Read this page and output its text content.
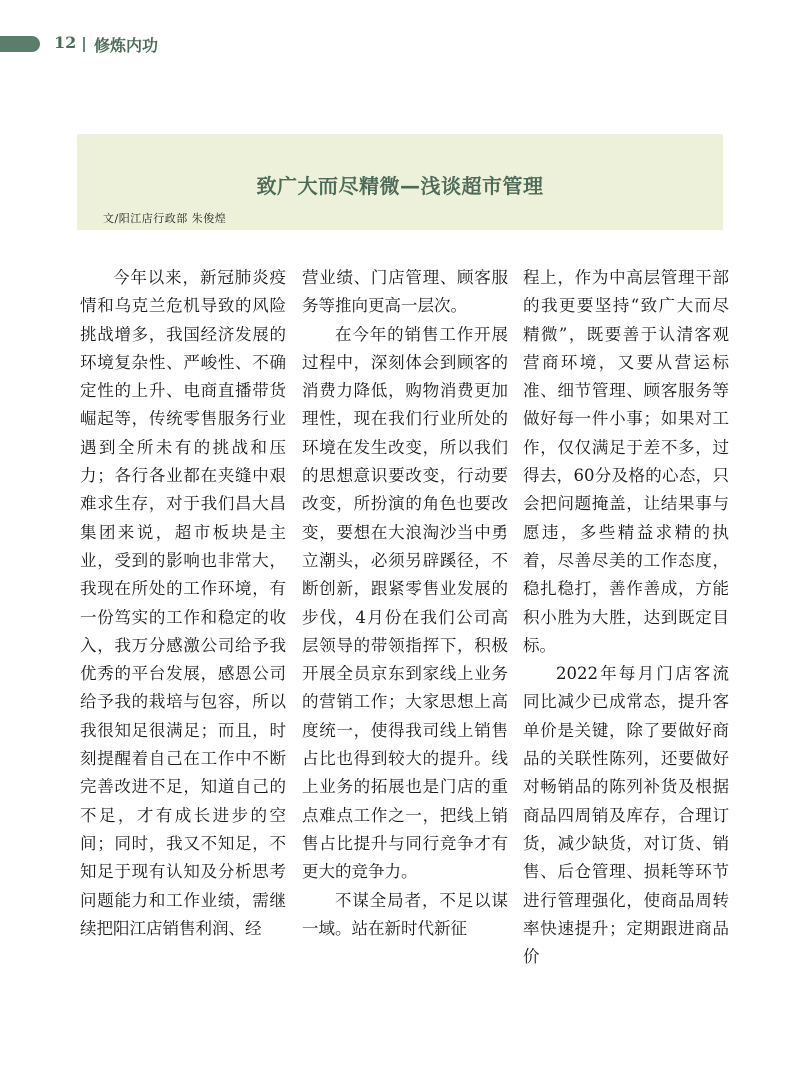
12 修炼内功
致广大而尽精微—浅谈超市管理
文/阳江店行政部 朱俊煌

今年以来，新冠肺炎疫情和乌克兰危机导致的风险挑战增多，我国经济发展的环境复杂性、严峻性、不确定性的上升、电商直播带货崛起等，传统零售服务行业遇到全所未有的挑战和压力；各行各业都在夹缝中艰难求生存，对于我们昌大昌集团来说，超市板块是主业，受到的影响也非常大，我现在所处的工作环境，有一份笃实的工作和稳定的收入，我万分感激公司给予我优秀的平台发展，感恩公司给予我的栽培与包容，所以我很知足很满足；而且，时刻提醒着自己在工作中不断完善改进不足，知道自己的不足，才有成长进步的空间；同时，我又不知足，不知足于现有认知及分析思考问题能力和工作业绩，需继续把阳江店销售利润、经

营业绩、门店管理、顾客服务等推向更高一层次。

在今年的销售工作开展过程中，深刻体会到顾客的消费力降低，购物消费更加理性，现在我们行业所处的环境在发生改变，所以我们的思想意识要改变，行动要改变，所扮演的角色也要改变，要想在大浪淘沙当中勇立潮头，必须另辟蹊径，不断创新，跟紧零售业发展的步伐，4月份在我们公司高层领导的带领指挥下，积极开展全员京东到家线上业务的营销工作；大家思想上高度统一，使得我司线上销售占比也得到较大的提升。线上业务的拓展也是门店的重点难点工作之一，把线上销售占比提升与同行竞争才有更大的竞争力。

不谋全局者，不足以谋一域。站在新时代新征

程上，作为中高层管理干部的我更要坚持“致广大而尽精微”，既要善于认清客观营商环境，又要从营运标准、细节管理、顾客服务等做好每一件小事；如果对工作，仅仅满足于差不多，过得去，60分及格的心态，只会把问题掩盖，让结果事与愿违，多些精益求精的执着，尽善尽美的工作态度，稳扎稳打，善作善成，方能积小胜为大胜，达到既定目标。

2022年每月门店客流同比减少已成常态，提升客单价是关键，除了要做好商品的关联性陈列，还要做好对畅销品的陈列补货及根据商品四周销及库存，合理订货，减少缺货，对订货、销售、后仓管理、损耗等环节进行管理强化，使商品周转率快速提升；定期跟进商品价
